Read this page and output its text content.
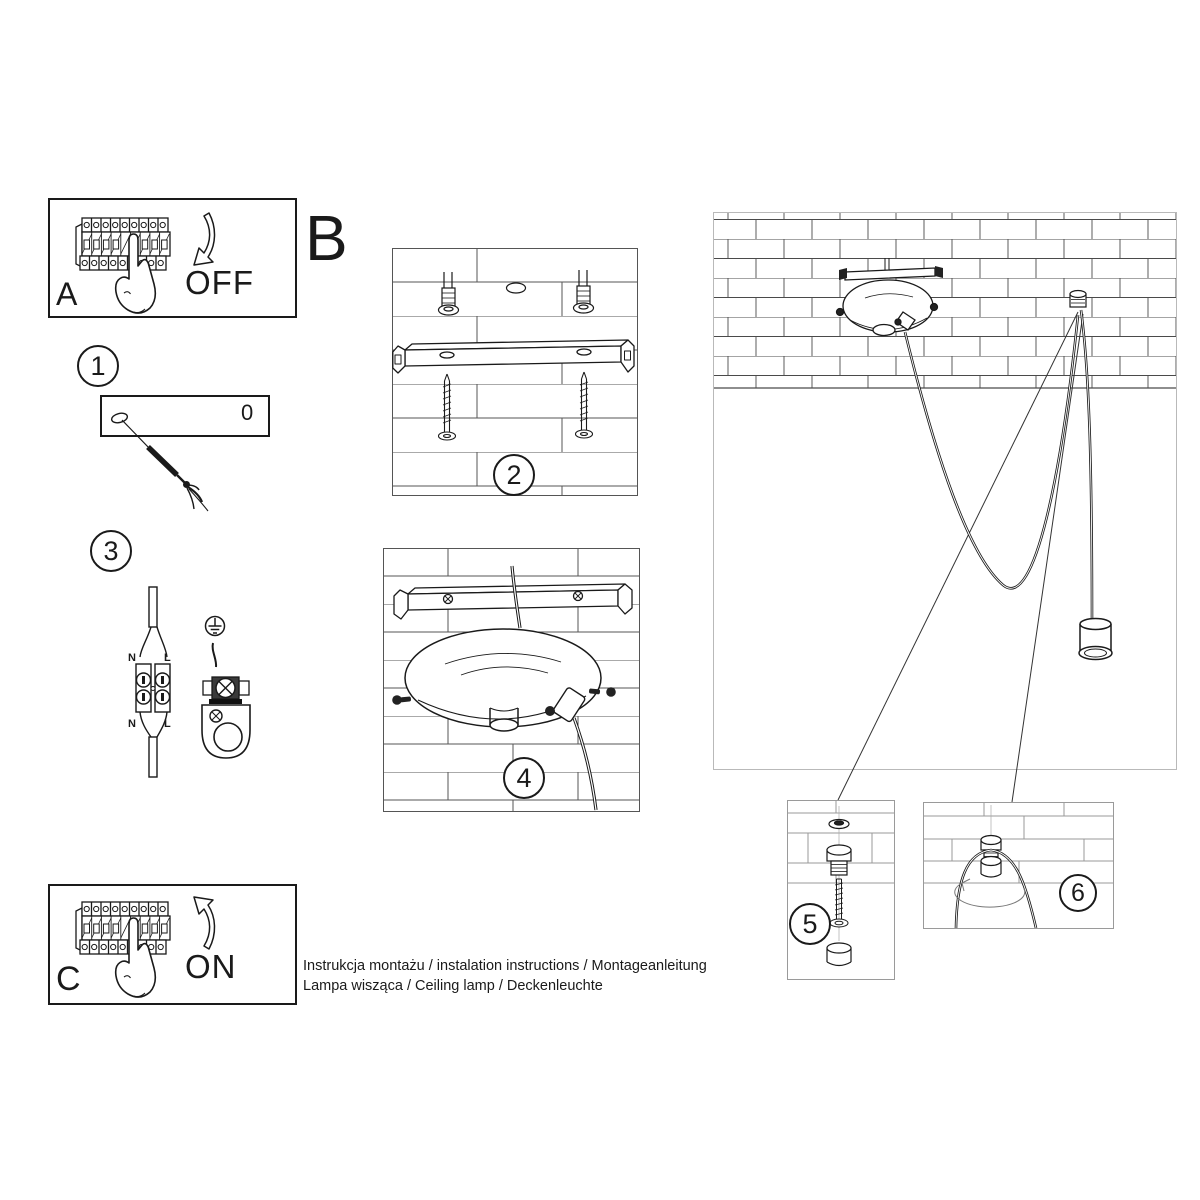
OFF
A
1
0
3
N	L
N	L
ON
C
B
2
4
5
6
Instrukcja montażu / instalation instructions / Montageanleitung
Lampa wisząca / Ceiling lamp / Deckenleuchte
